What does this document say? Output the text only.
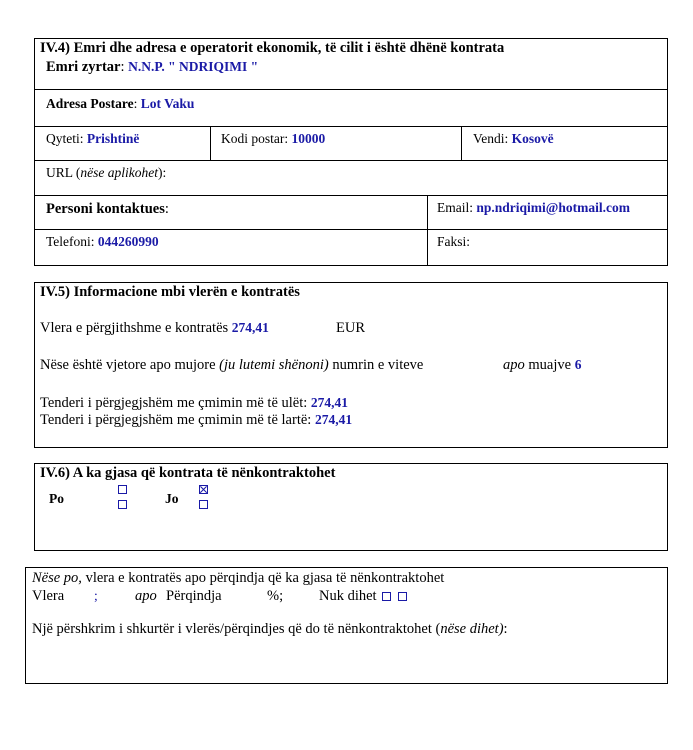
IV.4) Emri dhe adresa e operatorit ekonomik, të cilit i është dhënë kontrata
Emri zyrtar: N.N.P. " NDRIQIMI "
Adresa Postare: Lot Vaku
Qyteti: Prishtinë	Kodi postar: 10000	Vendi: Kosovë
URL (nëse aplikohet):
Personi kontaktues:	Email: np.ndriqimi@hotmail.com
Telefoni: 044260990	Faksi:
IV.5) Informacione mbi vlerën e kontratës
Vlera e përgjithshme e kontratës 274,41	EUR
Nëse është vjetore apo mujore (ju lutemi shënoni) numrin e viteve	apo muajve 6
Tenderi i përgjegjshëm me çmimin më të ulët: 274,41
Tenderi i përgjegjshëm me çmimin më të lartë: 274,41
IV.6) A ka gjasa që kontrata të nënkontraktohet
Po	Jo
Nëse po, vlera e kontratës apo përqindja që ka gjasa të nënkontraktohet
Vlera ;	apo Përqindja	%; Nuk dihet
Një përshkrim i shkurtër i vlerës/përqindjes që do të nënkontraktohet (nëse dihet):
